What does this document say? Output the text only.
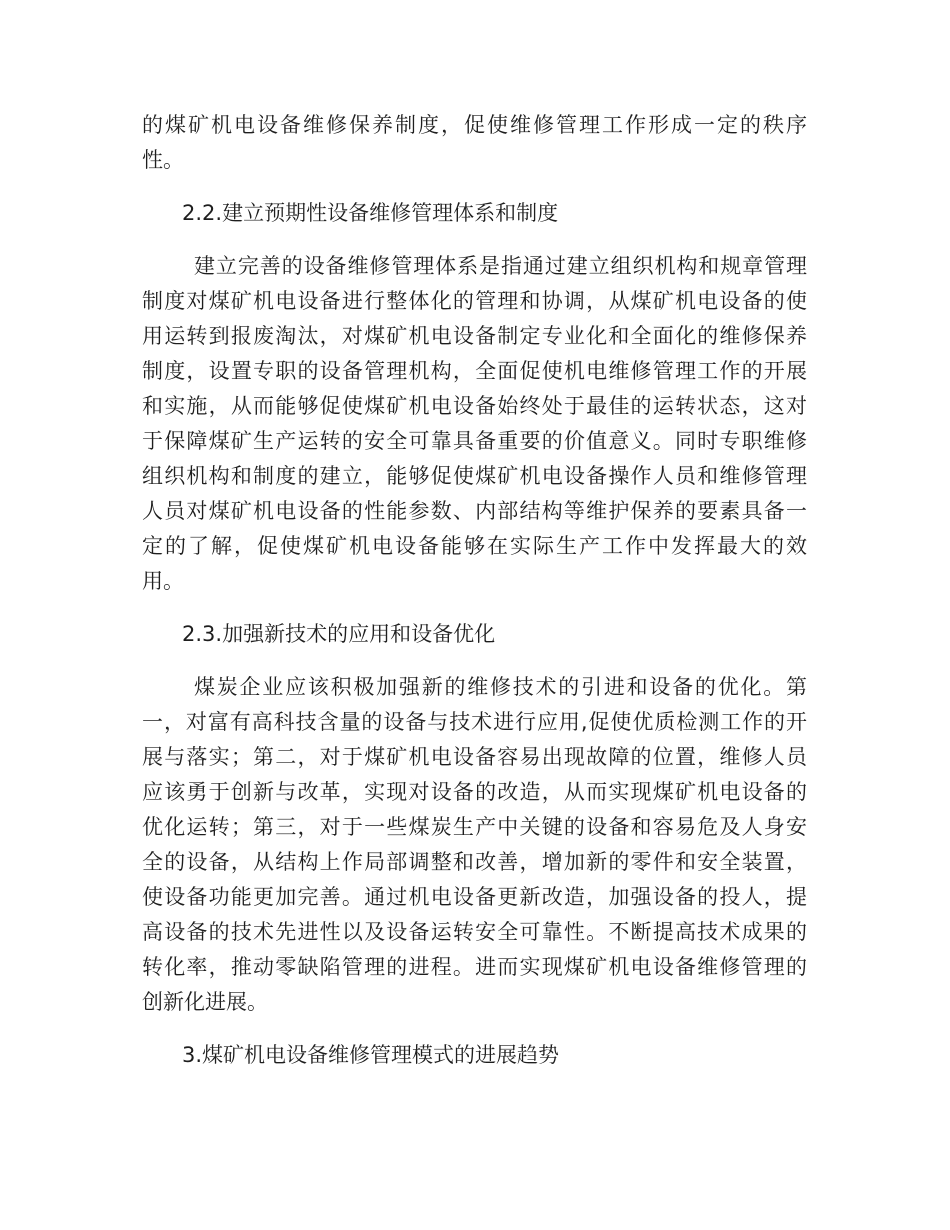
的煤矿机电设备维修保养制度，促使维修管理工作形成一定的秩序
性。
2.2.建立预期性设备维修管理体系和制度
建立完善的设备维修管理体系是指通过建立组织机构和规章管理
制度对煤矿机电设备进行整体化的管理和协调，从煤矿机电设备的使
用运转到报废淘汰，对煤矿机电设备制定专业化和全面化的维修保养
制度，设置专职的设备管理机构，全面促使机电维修管理工作的开展
和实施，从而能够促使煤矿机电设备始终处于最佳的运转状态，这对
于保障煤矿生产运转的安全可靠具备重要的价值意义。同时专职维修
组织机构和制度的建立，能够促使煤矿机电设备操作人员和维修管理
人员对煤矿机电设备的性能参数、内部结构等维护保养的要素具备一
定的了解，促使煤矿机电设备能够在实际生产工作中发挥最大的效
用。
2.3.加强新技术的应用和设备优化
煤炭企业应该积极加强新的维修技术的引进和设备的优化。第
一，对富有高科技含量的设备与技术进行应用,促使优质检测工作的开
展与落实；第二，对于煤矿机电设备容易出现故障的位置，维修人员
应该勇于创新与改革，实现对设备的改造，从而实现煤矿机电设备的
优化运转；第三，对于一些煤炭生产中关键的设备和容易危及人身安
全的设备，从结构上作局部调整和改善，增加新的零件和安全装置，
使设备功能更加完善。通过机电设备更新改造，加强设备的投人，提
高设备的技术先进性以及设备运转安全可靠性。不断提高技术成果的
转化率，推动零缺陷管理的进程。进而实现煤矿机电设备维修管理的
创新化进展。
3.煤矿机电设备维修管理模式的进展趋势
